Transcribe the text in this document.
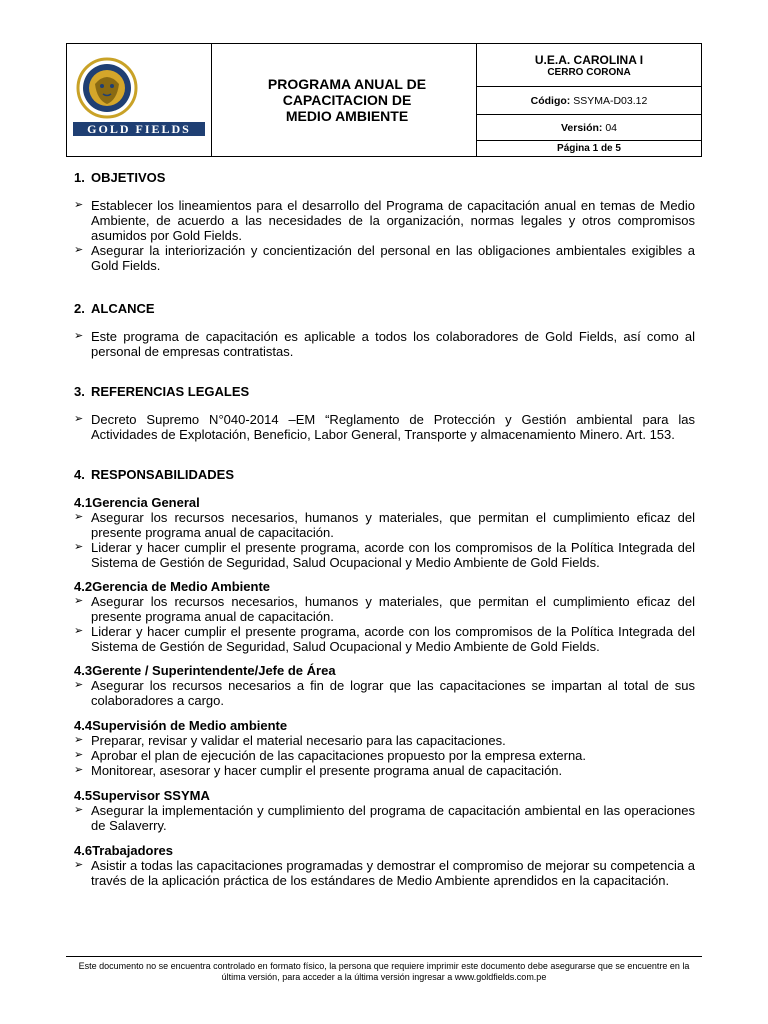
GOLD FIELDS
PROGRAMA ANUAL DE CAPACITACION DE
MEDIO AMBIENTE
U.E.A. CAROLINA I
CERRO CORONA
Código: SSYMA-D03.12
Versión: 04
Página 1 de 5

1. OBJETIVOS

➢ Establecer los lineamientos para el desarrollo del Programa de capacitación anual en temas de Medio Ambiente, de acuerdo a las necesidades de la organización, normas legales y otros compromisos asumidos por Gold Fields.
➢ Asegurar la interiorización y concientización del personal en las obligaciones ambientales exigibles a Gold Fields.

2. ALCANCE

➢ Este programa de capacitación es aplicable a todos los colaboradores de Gold Fields, así como al personal de empresas contratistas.

3. REFERENCIAS LEGALES

➢ Decreto Supremo N°040-2014 –EM “Reglamento de Protección y Gestión ambiental para las Actividades de Explotación, Beneficio, Labor General, Transporte y almacenamiento Minero. Art. 153.

4. RESPONSABILIDADES

4.1Gerencia General
➢ Asegurar los recursos necesarios, humanos y materiales, que permitan el cumplimiento eficaz del presente programa anual de capacitación.
➢ Liderar y hacer cumplir el presente programa, acorde con los compromisos de la Política Integrada del Sistema de Gestión de Seguridad, Salud Ocupacional y Medio Ambiente de Gold Fields.
4.2Gerencia de Medio Ambiente
➢ Asegurar los recursos necesarios, humanos y materiales, que permitan el cumplimiento eficaz del presente programa anual de capacitación.
➢ Liderar y hacer cumplir el presente programa, acorde con los compromisos de la Política Integrada del Sistema de Gestión de Seguridad, Salud Ocupacional y Medio Ambiente de Gold Fields.
4.3Gerente / Superintendente/Jefe de Área
➢ Asegurar los recursos necesarios a fin de lograr que las capacitaciones se impartan al total de sus colaboradores a cargo.
4.4Supervisión de Medio ambiente
➢ Preparar, revisar y validar el material necesario para las capacitaciones.
➢ Aprobar el plan de ejecución de las capacitaciones propuesto por la empresa externa.
➢ Monitorear, asesorar y hacer cumplir el presente programa anual de capacitación.
4.5Supervisor SSYMA
➢ Asegurar la implementación y cumplimiento del programa de capacitación ambiental en las operaciones de Salaverry.
4.6Trabajadores
➢ Asistir a todas las capacitaciones programadas y demostrar el compromiso de mejorar su competencia a través de la aplicación práctica de los estándares de Medio Ambiente aprendidos en la capacitación.
Este documento no se encuentra controlado en formato físico, la persona que requiere imprimir este documento debe asegurarse que se encuentre en la
última versión, para acceder a la última versión ingresar a www.goldfields.com.pe
